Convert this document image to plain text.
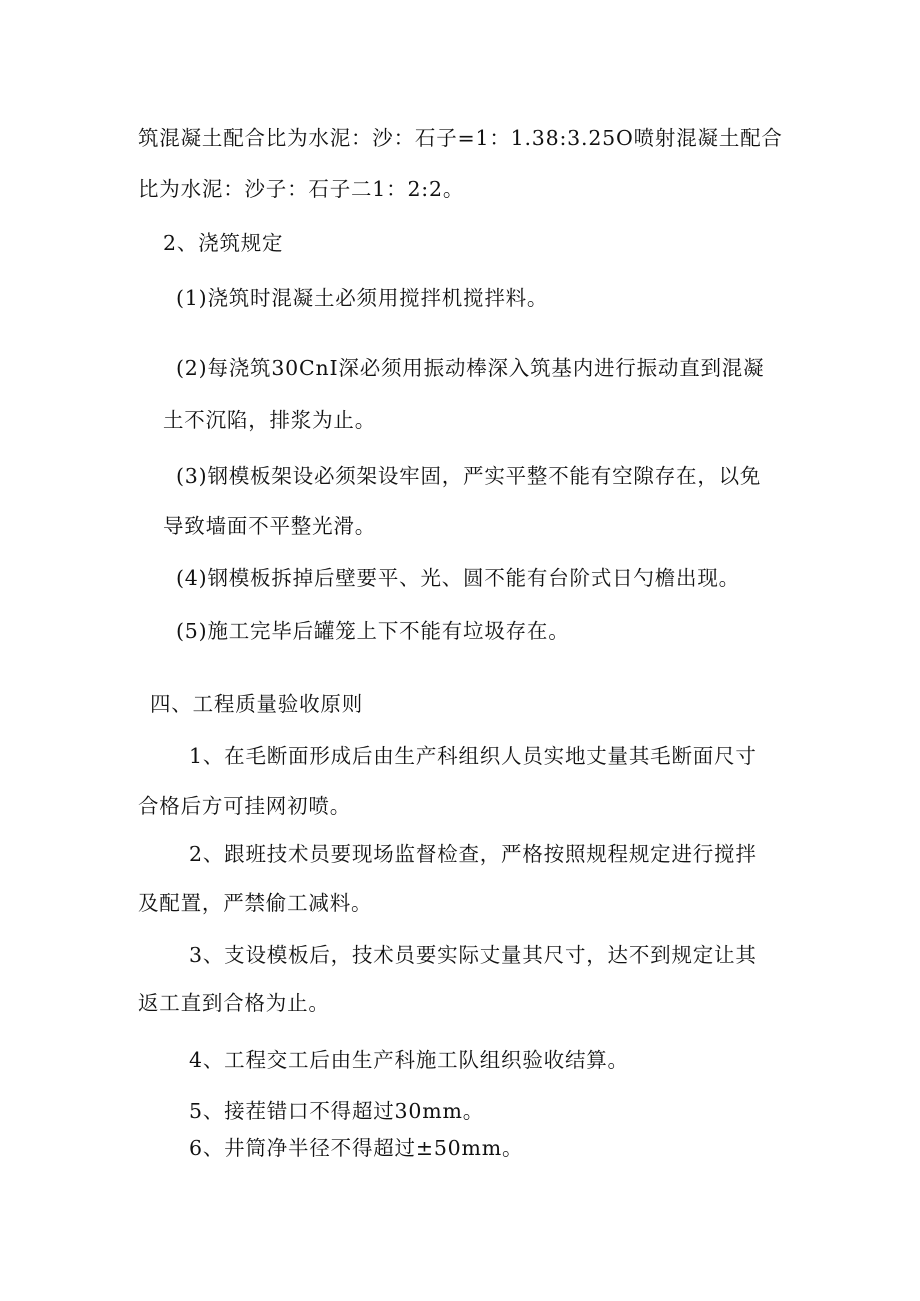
筑混凝土配合比为水泥：沙：石子=1：1.38:3.25O喷射混凝土配合
比为水泥：沙子：石子二1：2:2。
2、浇筑规定
(1)浇筑时混凝土必须用搅拌机搅拌料。
(2)每浇筑30CnI深必须用振动棒深入筑基内进行振动直到混凝
土不沉陷，排浆为止。
(3)钢模板架设必须架设牢固，严实平整不能有空隙存在，以免
导致墙面不平整光滑。
(4)钢模板拆掉后壁要平、光、圆不能有台阶式日勺檐出现。
(5)施工完毕后罐笼上下不能有垃圾存在。
四、工程质量验收原则
1、在毛断面形成后由生产科组织人员实地丈量其毛断面尺寸
合格后方可挂网初喷。
2、跟班技术员要现场监督检查，严格按照规程规定进行搅拌
及配置，严禁偷工减料。
3、支设模板后，技术员要实际丈量其尺寸，达不到规定让其
返工直到合格为止。
4、工程交工后由生产科施工队组织验收结算。
5、接茬错口不得超过30mm。
6、井筒净半径不得超过±50mm。
